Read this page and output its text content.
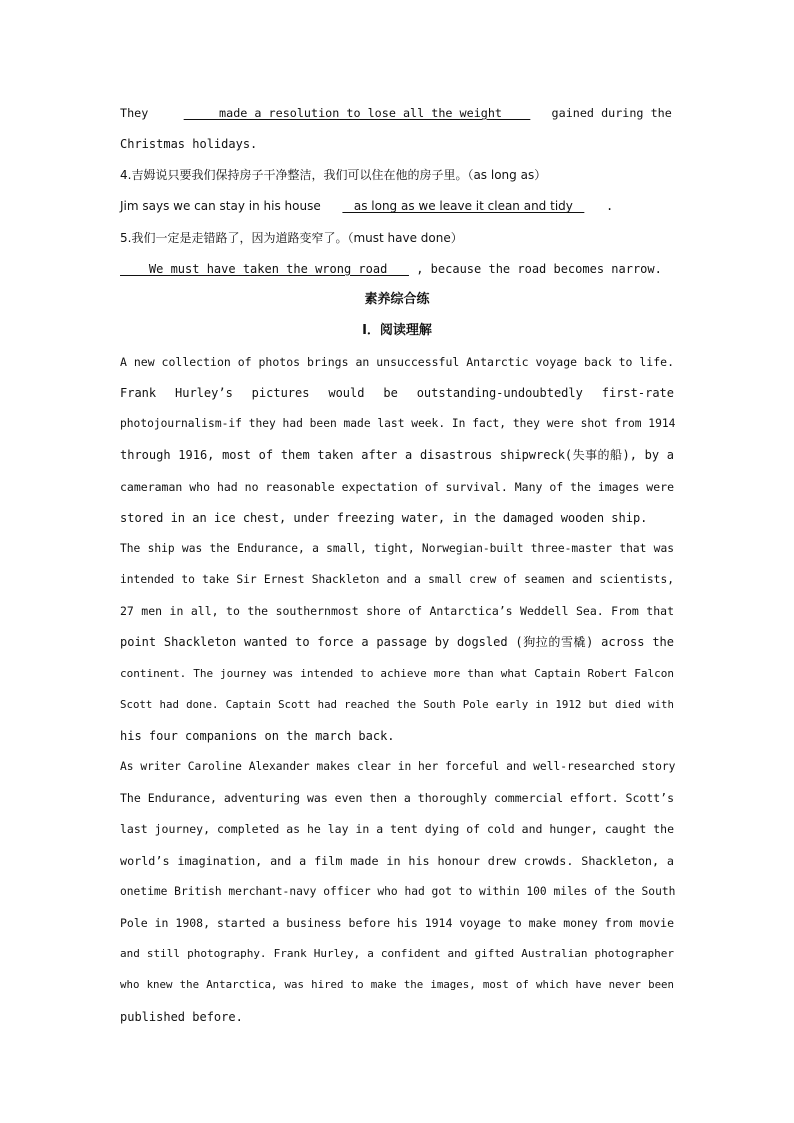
They	made a resolution to lose all the weight       gained during the
Christmas holidays.
4.吉姆说只要我们保持房子干净整洁，我们可以住在他的房子里。（as long as）
Jim says we can stay in his house      as long as we leave it clean and tidy      .
5.我们一定是走错路了，因为道路变窄了。（must have done）
We must have taken the wrong road    , because the road becomes narrow.
素养综合练
Ⅰ．阅读理解
A new collection of photos brings an unsuccessful Antarctic voyage back to life.
Frank Hurley’s pictures would be outstanding-undoubtedly first-rate
photojournalism-if they had been made last week. In fact, they were shot from 1914
through 1916, most of them taken after a disastrous shipwreck(失事的船), by a
cameraman who had no reasonable expectation of survival. Many of the images were
stored in an ice chest, under freezing water, in the damaged wooden ship.
The ship was the Endurance, a small, tight, Norwegian-built three-master that was
intended to take Sir Ernest Shackleton and a small crew of seamen and scientists,
27 men in all, to the southernmost shore of Antarctica’s Weddell Sea. From that
point Shackleton wanted to force a passage by dogsled (狗拉的雪橇) across the
continent. The journey was intended to achieve more than what Captain Robert Falcon
Scott had done. Captain Scott had reached the South Pole early in 1912 but died with
his four companions on the march back.
As writer Caroline Alexander makes clear in her forceful and well-researched story
The Endurance, adventuring was even then a thoroughly commercial effort. Scott’s
last journey, completed as he lay in a tent dying of cold and hunger, caught the
world’s imagination, and a film made in his honour drew crowds. Shackleton, a
onetime British merchant-navy officer who had got to within 100 miles of the South
Pole in 1908, started a business before his 1914 voyage to make money from movie
and still photography. Frank Hurley, a confident and gifted Australian photographer
who knew the Antarctica, was hired to make the images, most of which have never been
published before.
